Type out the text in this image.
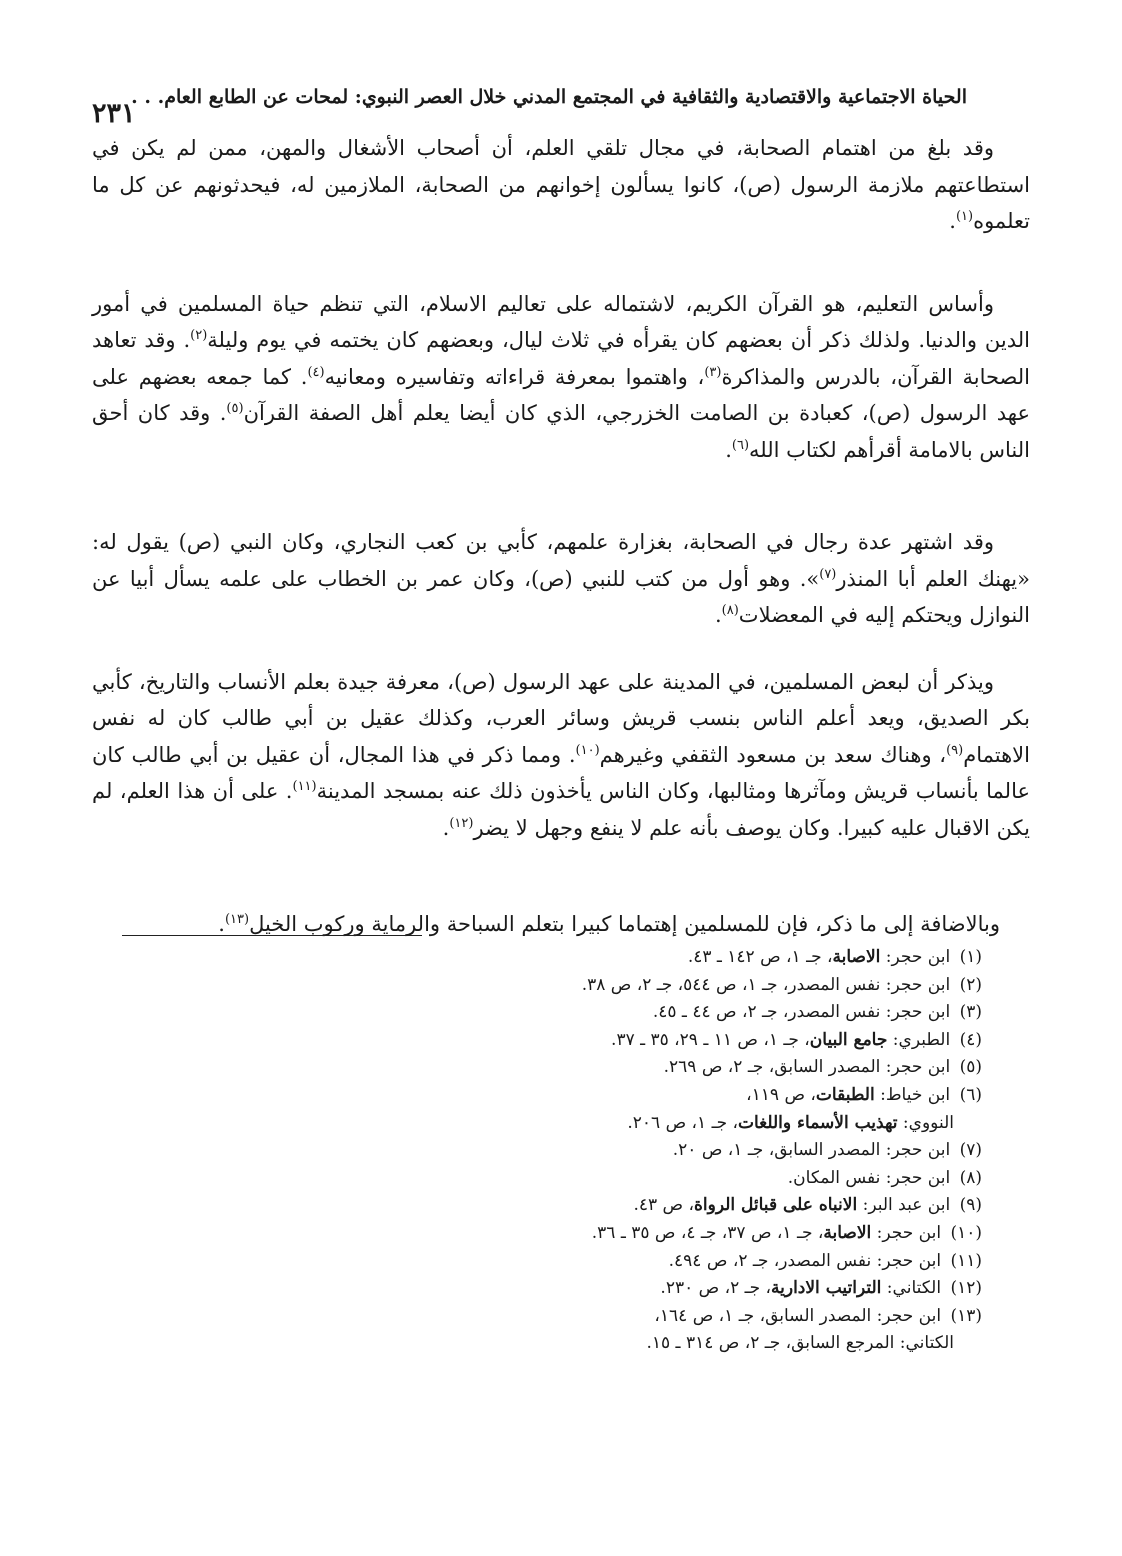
الحياة الاجتماعية والاقتصادية والثقافية في المجتمع المدني خلال العصر النبوي: لمحات عن الطابع العام. . .
٢٣١

وقد بلغ من اهتمام الصحابة، في مجال تلقي العلم، أن أصحاب الأشغال والمهن، ممن لم يكن في استطاعتهم ملازمة الرسول (ص)، كانوا يسألون إخوانهم من الصحابة، الملازمين له، فيحدثونهم عن كل ما تعلموه$^{(١)}$.

وأساس التعليم، هو القرآن الكريم، لاشتماله على تعاليم الاسلام، التي تنظم حياة المسلمين في أمور الدين والدنيا. ولذلك ذكر أن بعضهم كان يقرأه في ثلاث ليال، وبعضهم كان يختمه في يوم وليلة$^{(٢)}$. وقد تعاهد الصحابة القرآن، بالدرس والمذاكرة$^{(٣)}$، واهتموا بمعرفة قراءاته وتفاسيره ومعانيه$^{(٤)}$. كما جمعه بعضهم على عهد الرسول (ص)، كعبادة بن الصامت الخزرجي، الذي كان أيضا يعلم أهل الصفة القرآن$^{(٥)}$. وقد كان أحق الناس بالامامة أقرأهم لكتاب الله$^{(٦)}$.

وقد اشتهر عدة رجال في الصحابة، بغزارة علمهم، كأبي بن كعب النجاري، وكان النبي (ص) يقول له: «يهنك العلم أبا المنذر$^{(٧)}$». وهو أول من كتب للنبي (ص)، وكان عمر بن الخطاب على علمه يسأل أبيا عن النوازل ويحتكم إليه في المعضلات$^{(٨)}$.

ويذكر أن لبعض المسلمين، في المدينة على عهد الرسول (ص)، معرفة جيدة بعلم الأنساب والتاريخ، كأبي بكر الصديق، ويعد أعلم الناس بنسب قريش وسائر العرب، وكذلك عقيل بن أبي طالب كان له نفس الاهتمام$^{(٩)}$، وهناك سعد بن مسعود الثقفي وغيرهم$^{(١٠)}$. ومما ذكر في هذا المجال، أن عقيل بن أبي طالب كان عالما بأنساب قريش ومآثرها ومثالبها، وكان الناس يأخذون ذلك عنه بمسجد المدينة$^{(١١)}$. على أن هذا العلم، لم يكن الاقبال عليه كبيرا. وكان يوصف بأنه علم لا ينفع وجهل لا يضر$^{(١٢)}$.

وبالاضافة إلى ما ذكر، فإن للمسلمين إهتماما كبيرا بتعلم السباحة والرماية وركوب الخيل$^{(١٣)}$.

(١) ابن حجر: الاصابة، جـ ١، ص ١٤٢ ـ ٤٣.
(٢) ابن حجر: نفس المصدر، جـ ١، ص ٥٤٤، جـ ٢، ص ٣٨.
(٣) ابن حجر: نفس المصدر، جـ ٢، ص ٤٤ ـ ٤٥.
(٤) الطبري: جامع البيان، جـ ١، ص ١١ ـ ٢٩، ٣٥ ـ ٣٧.
(٥) ابن حجر: المصدر السابق، جـ ٢، ص ٢٦٩.
(٦) ابن خياط: الطبقات، ص ١١٩،
النووي: تهذيب الأسماء واللغات، جـ ١، ص ٢٠٦.
(٧) ابن حجر: المصدر السابق، جـ ١، ص ٢٠.
(٨) ابن حجر: نفس المكان.
(٩) ابن عبد البر: الانباه على قبائل الرواة، ص ٤٣.
(١٠) ابن حجر: الاصابة، جـ ١، ص ٣٧، جـ ٤، ص ٣٥ ـ ٣٦.
(١١) ابن حجر: نفس المصدر، جـ ٢، ص ٤٩٤.
(١٢) الكتاني: التراتيب الادارية، جـ ٢، ص ٢٣٠.
(١٣) ابن حجر: المصدر السابق، جـ ١، ص ١٦٤،
الكتاني: المرجع السابق، جـ ٢، ص ٣١٤ ـ ١٥.
